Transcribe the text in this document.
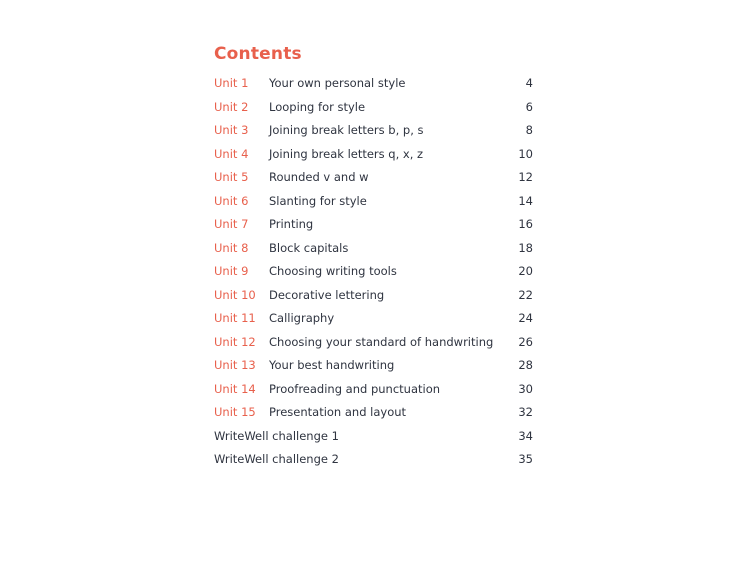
Contents
Unit 1 Your own personal style	4
Unit 2 Looping for style	6
Unit 3 Joining break letters b, p, s	8
Unit 4 Joining break letters q, x, z	10
Unit 5 Rounded v and w	12
Unit 6 Slanting for style	14
Unit 7 Printing	16
Unit 8 Block capitals	18
Unit 9 Choosing writing tools	20
Unit 10 Decorative lettering	22
Unit 11 Calligraphy	24
Unit 12 Choosing your standard of handwriting 26
Unit 13 Your best handwriting	28
Unit 14 Proofreading and punctuation	30
Unit 15 Presentation and layout	32
WriteWell challenge 1	34
WriteWell challenge 2	35
